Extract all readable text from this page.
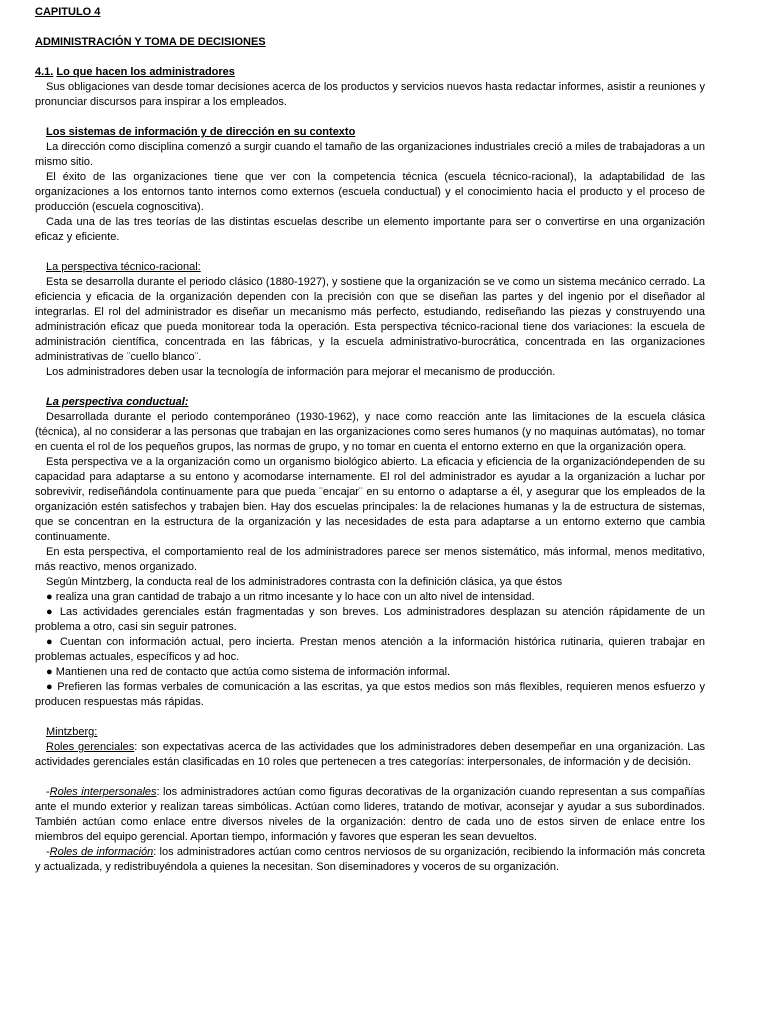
CAPITULO 4
ADMINISTRACIÓN Y TOMA DE DECISIONES
4.1. Lo que hacen los administradores

Sus obligaciones van desde tomar decisiones acerca de los productos y servicios nuevos hasta redactar informes, asistir a reuniones y pronunciar discursos para inspirar a los empleados.

Los sistemas de información y de dirección en su contexto

La dirección como disciplina comenzó a surgir cuando el tamaño de las organizaciones industriales creció a miles de trabajadoras a un mismo sitio.

El éxito de las organizaciones tiene que ver con la competencia técnica (escuela técnico-racional), la adaptabilidad de las organizaciones a los entornos tanto internos como externos (escuela conductual) y el conocimiento hacia el producto y el proceso de producción (escuela cognoscitiva).

Cada una de las tres teorías de las distintas escuelas describe un elemento importante para ser o convertirse en una organización eficaz y eficiente.

La perspectiva técnico-racional:

Esta se desarrolla durante el periodo clásico (1880-1927), y sostiene que la organización se ve como un sistema mecánico cerrado. La eficiencia y eficacia de la organización dependen con la precisión con que se diseñan las partes y del ingenio por el diseñador al integrarlas. El rol del administrador es diseñar un mecanismo más perfecto, estudiando, rediseñando las piezas y construyendo una administración eficaz que pueda monitorear toda la operación. Esta perspectiva técnico-racional tiene dos variaciones: la escuela de administración científica, concentrada en las fábricas, y la escuela administrativo-burocrática, concentrada en las organizaciones administrativas de ¨cuello blanco¨.

Los administradores deben usar la tecnología de información para mejorar el mecanismo de producción.

La perspectiva conductual:

Desarrollada durante el periodo contemporáneo (1930-1962), y nace como reacción ante las limitaciones de la escuela clásica (técnica), al no considerar a las personas que trabajan en las organizaciones como seres humanos (y no maquinas autómatas), no tomar en cuenta el rol de los pequeños grupos, las normas de grupo, y no tomar en cuenta el entorno externo en que la organización opera.

Esta perspectiva ve a la organización como un organismo biológico abierto. La eficacia y eficiencia de la organizacióndependen de su capacidad para adaptarse a su entono y acomodarse internamente. El rol del administrador es ayudar a la organización a luchar por sobrevivir, rediseñándola continuamente para que pueda ¨encajar¨ en su entorno o adaptarse a él, y asegurar que los empleados de la organización estén satisfechos y trabajen bien. Hay dos escuelas principales: la de relaciones humanas y la de estructura de sistemas, que se concentran en la estructura de la organización y las necesidades de esta para adaptarse a un entorno externo que cambia continuamente.

En esta perspectiva, el comportamiento real de los administradores parece ser menos sistemático, más informal, menos meditativo, más reactivo, menos organizado.

Según Mintzberg, la conducta real de los administradores contrasta con la definición clásica, ya que éstos

● realiza una gran cantidad de trabajo a un ritmo incesante y lo hace con un alto nivel de intensidad.

● Las actividades gerenciales están fragmentadas y son breves. Los administradores desplazan su atención rápidamente de un problema a otro, casi sin seguir patrones.

● Cuentan con información actual, pero incierta. Prestan menos atención a la información histórica rutinaria, quieren trabajar en problemas actuales, específicos y ad hoc.

● Mantienen una red de contacto que actúa como sistema de información informal.

● Prefieren las formas verbales de comunicación a las escritas, ya que estos medios son más flexibles, requieren menos esfuerzo y producen respuestas más rápidas.

Mintzberg:

Roles gerenciales: son expectativas acerca de las actividades que los administradores deben desempeñar en una organización. Las actividades gerenciales están clasificadas en 10 roles que pertenecen a tres categorías: interpersonales, de información y de decisión.

-Roles interpersonales: los administradores actúan como figuras decorativas de la organización cuando representan a sus compañías ante el mundo exterior y realizan tareas simbólicas. Actúan como lideres, tratando de motivar, aconsejar y ayudar a sus subordinados. También actúan como enlace entre diversos niveles de la organización: dentro de cada uno de estos sirven de enlace entre los miembros del equipo gerencial. Aportan tiempo, información y favores que esperan les sean devueltos.

-Roles de información: los administradores actúan como centros nerviosos de su organización, recibiendo la información más concreta y actualizada, y redistribuyéndola a quienes la necesitan. Son diseminadores y voceros de su organización.
